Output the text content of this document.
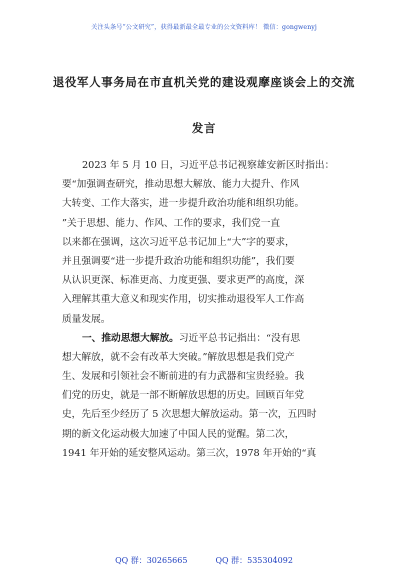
关注头条号“公文研究”，获得最新最全最专业的公文资料库！ 微信：gongwenyj
退役军人事务局在市直机关党的建设观摩座谈会上的交流
发言
2023 年 5 月 10 日，习近平总书记视察雄安新区时指出：
要“加强调查研究，推动思想大解放、能力大提升、作风
大转变、工作大落实，进一步提升政治功能和组织功能。
”关于思想、能力、作风、工作的要求，我们党一直
以来都在强调，这次习近平总书记加上“大”字的要求，
并且强调要“进一步提升政治功能和组织功能”，我们要
从认识更深、标准更高、力度更强、要求更严的高度，深
入理解其重大意义和现实作用，切实推动退役军人工作高
质量发展。
一、推动思想大解放。习近平总书记指出：“没有思
想大解放，就不会有改革大突破。”解放思想是我们党产
生、发展和引领社会不断前进的有力武器和宝贵经验。我
们党的历史，就是一部不断解放思想的历史。回顾百年党
史，先后至少经历了 5 次思想大解放运动。第一次，五四时
期的新文化运动极大加速了中国人民的觉醒。第二次，
1941 年开始的延安整风运动。第三次，1978 年开始的“真
QQ 群：30265665	QQ 群：535304092
